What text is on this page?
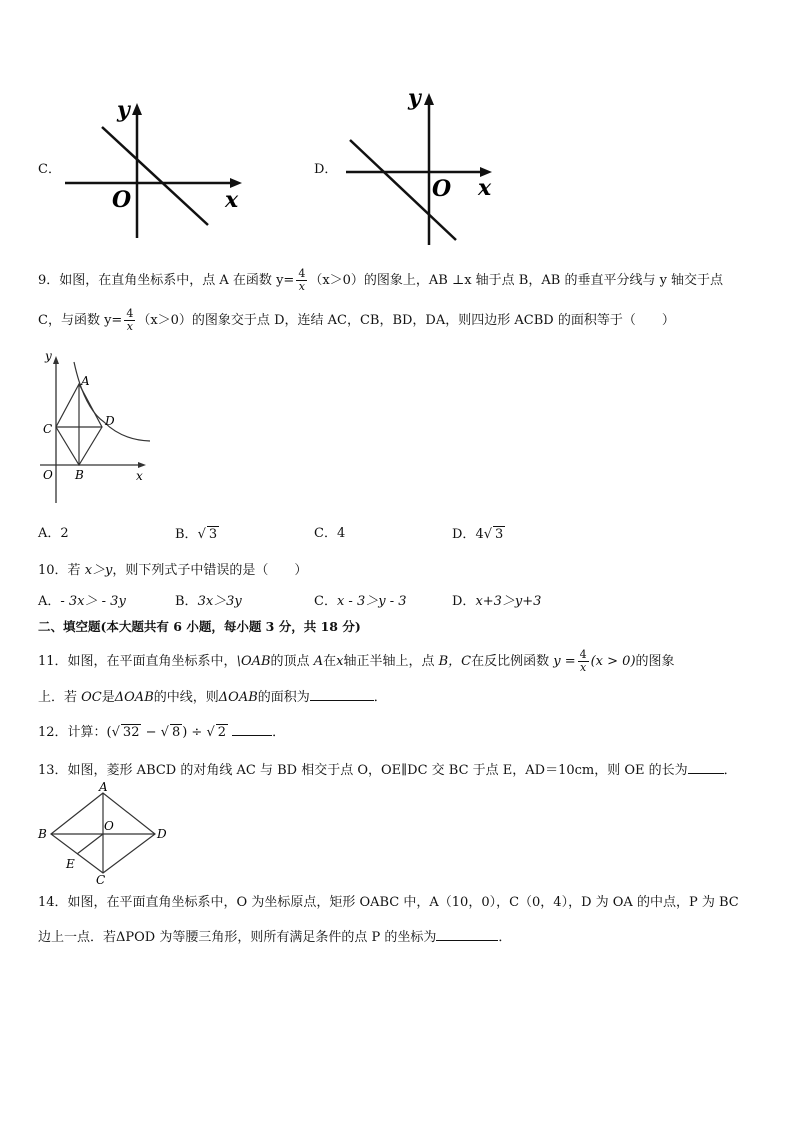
C．
y
x
O
D．
y
x
O
9．如图，在直角坐标系中，点 A 在函数 $y= \frac{4}{x} (x>0)$的图象上，AB ⊥x 轴于点 B，AB 的垂直平分线与 y 轴交于点
C，与函数 $y= \frac{4}{x} (x>0)$的图象交于点 D，连结 AC，CB，BD，DA，则四边形 ACBD 的面积等于（　　）
y
x
O
A
B
C
D
A．2	B．√ 3	C．4	D．4√ 3
10．若 x＞y，则下列式子中错误的是（　　）
A．- 3x＞ - 3y	B．3x＞3y	C．x - 3＞y - 3	D．x+3＞y+3
二、填空题(本大题共有 6 小题，每小题 3 分，共 18 分)
11．如图，在平面直角坐标系中，\OAB的顶点 A在x轴正半轴上，点 B，C在反比例函数 $y = \frac{4}{x} (x > 0)$的图象
上．若 OC是ΔOAB的中线，则ΔOAB的面积为	．
12．计算：(√ 32 − √ 8 ) ÷ √ 2	．
13．如图，菱形 ABCD 的对角线 AC 与 BD 相交于点 O，OE∥DC 交 BC 于点 E，AD＝10cm，则 OE 的长为	．
A
B
C
D
O
E
14．如图，在平面直角坐标系中，O 为坐标原点，矩形 OABC 中，A（10，0），C（0，4），D 为 OA 的中点，P 为 BC
边上一点．若ΔPOD 为等腰三角形，则所有满足条件的点 P 的坐标为	．
